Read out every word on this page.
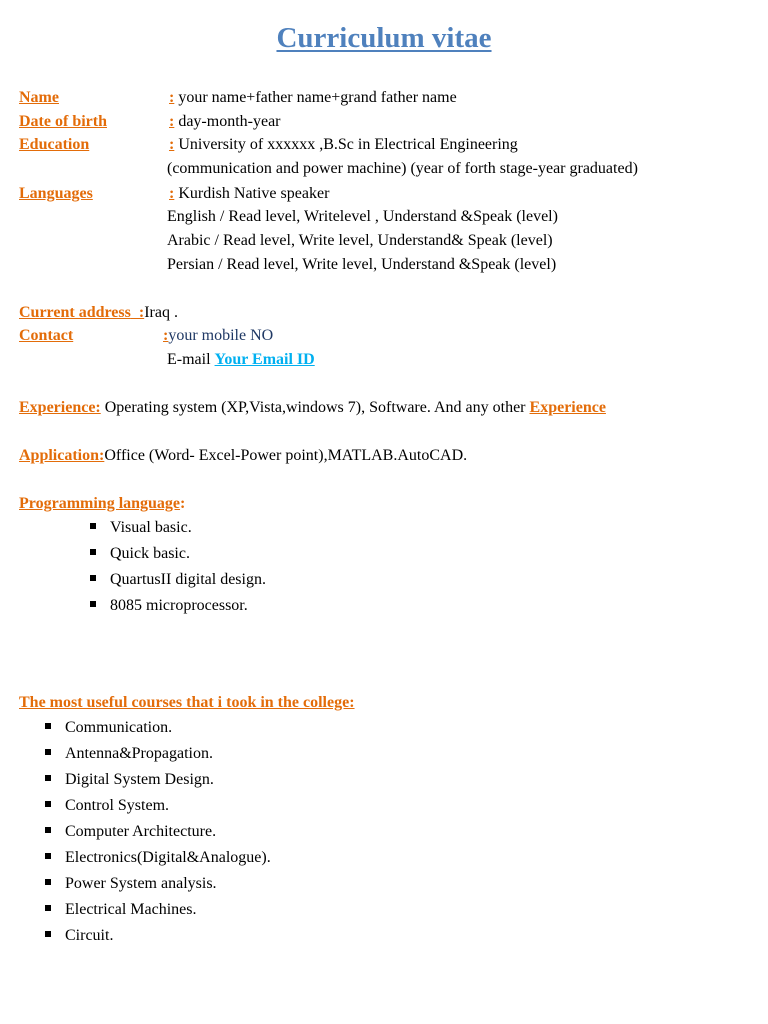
Curriculum vitae
Name	: your name+father name+grand father name
Date of birth	: day-month-year
Education	: University of xxxxxx ,B.Sc in Electrical Engineering
(communication and power machine) (year of forth stage-year graduated)
Languages	: Kurdish Native speaker
English / Read level, Writelevel , Understand &Speak (level)
Arabic / Read level, Write level, Understand& Speak (level)
Persian / Read level, Write level, Understand &Speak (level)
Current address  :Iraq .
Contact	:your mobile NO
E-mail Your Email ID
Experience: Operating system (XP,Vista,windows 7), Software. And any other Experience
Application:Office (Word- Excel-Power point),MATLAB.AutoCAD.
Programming language:
Visual basic.
Quick basic.
QuartusII digital design.
8085 microprocessor.
The most useful courses that i took in the college:
Communication.
Antenna&Propagation.
Digital System Design.
Control System.
Computer Architecture.
Electronics(Digital&Analogue).
Power System analysis.
Electrical Machines.
Circuit.
